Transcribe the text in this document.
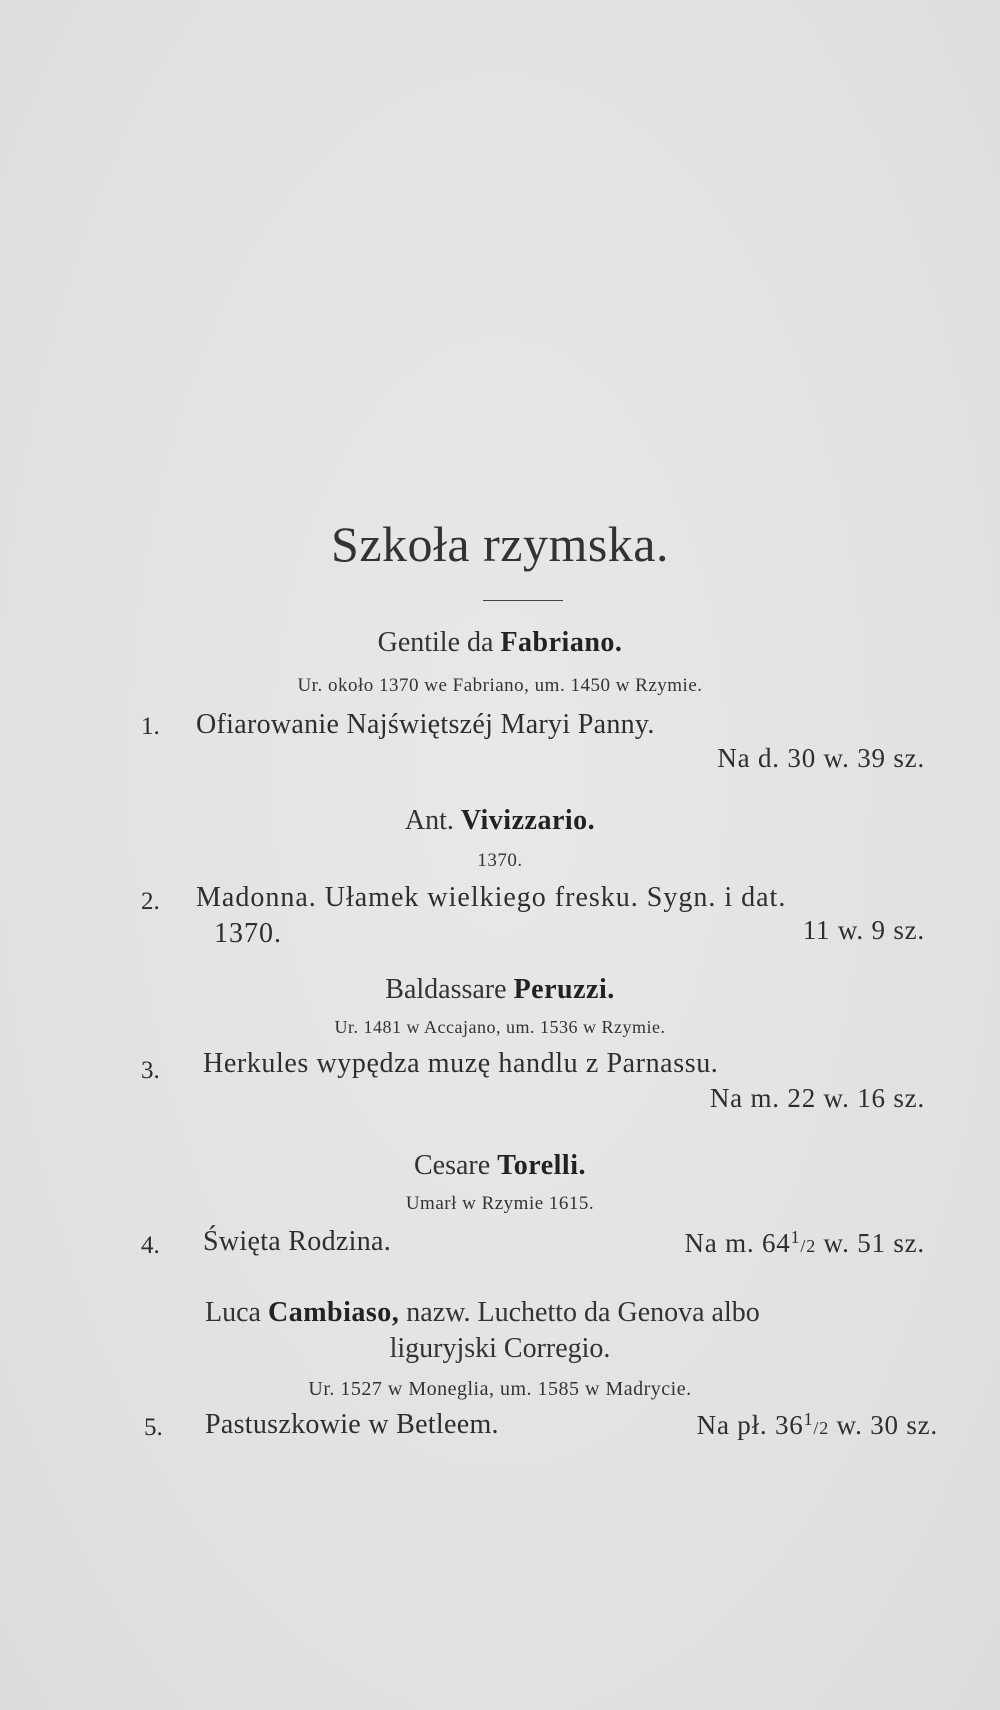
Szkoła rzymska.
Gentile da Fabriano.
Ur. około 1370 we Fabriano, um. 1450 w Rzymie.
1. Ofiarowanie Najświętszéj Maryi Panny.
Na d. 30 w. 39 sz.
Ant. Vivizzario.
1370.
2. Madonna. Ułamek wielkiego fresku. Sygn. i dat.
1370.	11 w. 9 sz.
Baldassare Peruzzi.
Ur. 1481 w Accajano, um. 1536 w Rzymie.
3. Herkules wypędza muzę handlu z Parnassu.
Na m. 22 w. 16 sz.
Cesare Torelli.
Umarł w Rzymie 1615.
4. Święta Rodzina.	Na m. $64^1/2$ w. 51 sz.
Luca Cambiaso, nazw. Luchetto da Genova albo
liguryjski Corregio.
Ur. 1527 w Moneglia, um. 1585 w Madrycie.
5. Pastuszkowie w Betleem.	Na pł. $36^1/2$ w. 30 sz.
